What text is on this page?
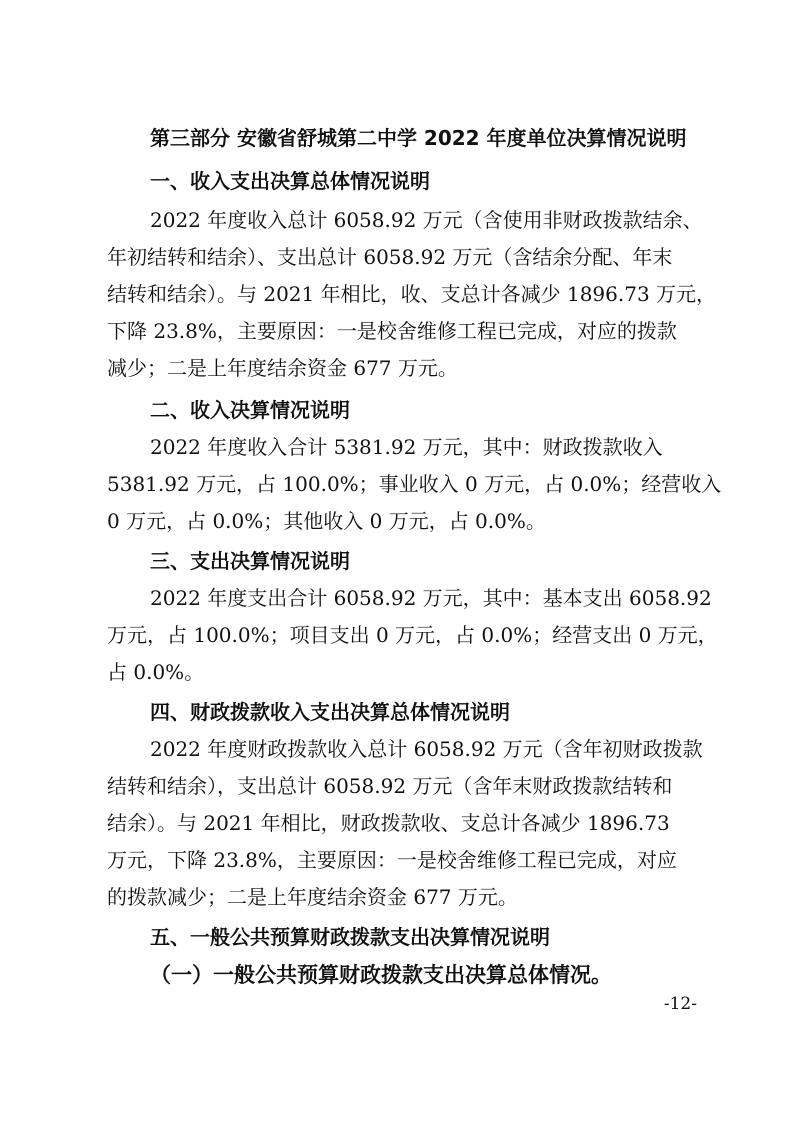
第三部分 安徽省舒城第二中学 2022 年度单位决算情况说明
一、收入支出决算总体情况说明
2022 年度收入总计 6058.92 万元（含使用非财政拨款结余、
年初结转和结余）、支出总计 6058.92 万元（含结余分配、年末
结转和结余）。与 2021 年相比，收、支总计各减少 1896.73 万元，
下降 23.8%，主要原因：一是校舍维修工程已完成，对应的拨款
减少；二是上年度结余资金 677 万元。
二、收入决算情况说明
2022 年度收入合计 5381.92 万元，其中：财政拨款收入
5381.92 万元，占 100.0%；事业收入 0 万元，占 0.0%；经营收入
0 万元，占 0.0%；其他收入 0 万元，占 0.0%。
三、支出决算情况说明
2022 年度支出合计 6058.92 万元，其中：基本支出 6058.92
万元，占 100.0%；项目支出 0 万元，占 0.0%；经营支出 0 万元，
占 0.0%。
四、财政拨款收入支出决算总体情况说明
2022 年度财政拨款收入总计 6058.92 万元（含年初财政拨款
结转和结余），支出总计 6058.92 万元（含年末财政拨款结转和
结余）。与 2021 年相比，财政拨款收、支总计各减少 1896.73
万元，下降 23.8%，主要原因：一是校舍维修工程已完成，对应
的拨款减少；二是上年度结余资金 677 万元。
五、一般公共预算财政拨款支出决算情况说明
（一）一般公共预算财政拨款支出决算总体情况。
-12-
